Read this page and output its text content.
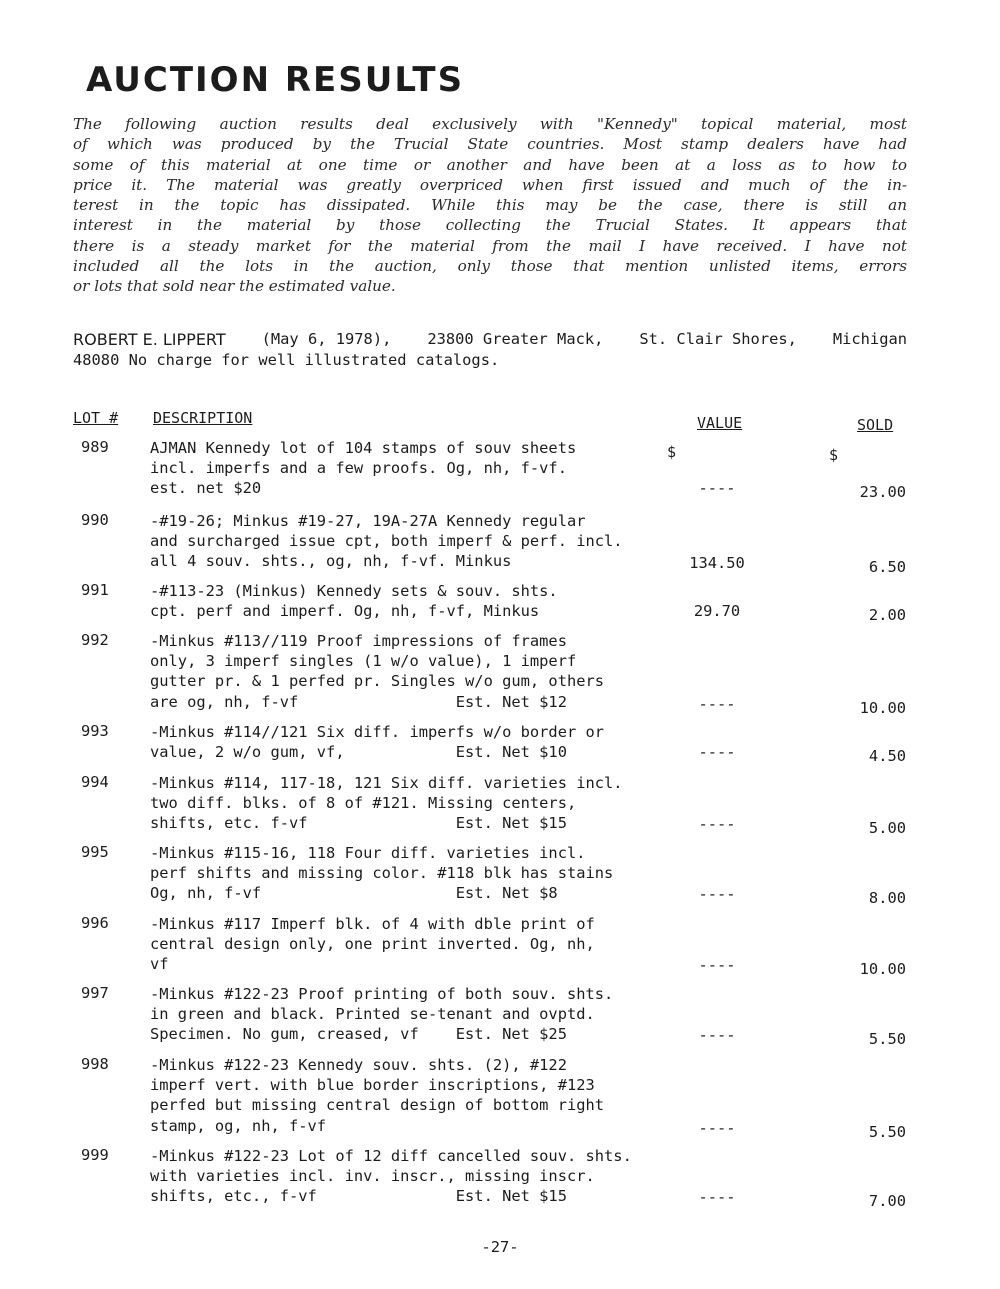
AUCTION RESULTS
The following auction results deal exclusively with "Kennedy" topical material, most
of which was produced by the Trucial State countries. Most stamp dealers have had
some of this material at one time or another and have been at a loss as to how to
price it. The material was greatly overpriced when first issued and much of the in-
terest in the topic has dissipated. While this may be the case, there is still an
interest in the material by those collecting the Trucial States. It appears that
there is a steady market for the material from the mail I have received. I have not
included all the lots in the auction, only those that mention unlisted items, errors
or lots that sold near the estimated value.
ROBERT E. LIPPERT (May 6, 1978), 23800 Greater Mack, St. Clair Shores, Michigan
48080 No charge for well illustrated catalogs.
LOT # DESCRIPTION	VALUE	SOLD
$	$
989	AJMAN Kennedy lot of 104 stamps of souv sheets
incl. imperfs and a few proofs. Og, nh, f-vf.
est. net $20	----	23.00
990	-#19-26; Minkus #19-27, 19A-27A Kennedy regular
and surcharged issue cpt, both imperf & perf. incl.
all 4 souv. shts., og, nh, f-vf. Minkus	134.50	6.50
991	-#113-23 (Minkus) Kennedy sets & souv. shts.
cpt. perf and imperf. Og, nh, f-vf, Minkus	29.70	2.00
992	-Minkus #113//119 Proof impressions of frames
only, 3 imperf singles (1 w/o value), 1 imperf
gutter pr. & 1 perfed pr. Singles w/o gum, others
are og, nh, f-vf                 Est. Net $12	----	10.00
993	-Minkus #114//121 Six diff. imperfs w/o border or
value, 2 w/o gum, vf,            Est. Net $10	----	4.50
994	-Minkus #114, 117-18, 121 Six diff. varieties incl.
two diff. blks. of 8 of #121. Missing centers,
shifts, etc. f-vf                Est. Net $15	----	5.00
995	-Minkus #115-16, 118 Four diff. varieties incl.
perf shifts and missing color. #118 blk has stains
Og, nh, f-vf                     Est. Net $8	----	8.00
996	-Minkus #117 Imperf blk. of 4 with dble print of
central design only, one print inverted. Og, nh,
vf	----	10.00
997	-Minkus #122-23 Proof printing of both souv. shts.
in green and black. Printed se-tenant and ovptd.
Specimen. No gum, creased, vf    Est. Net $25	----	5.50
998	-Minkus #122-23 Kennedy souv. shts. (2), #122
imperf vert. with blue border inscriptions, #123
perfed but missing central design of bottom right
stamp, og, nh, f-vf	----	5.50
999	-Minkus #122-23 Lot of 12 diff cancelled souv. shts.
with varieties incl. inv. inscr., missing inscr.
shifts, etc., f-vf               Est. Net $15	----	7.00
-27-
